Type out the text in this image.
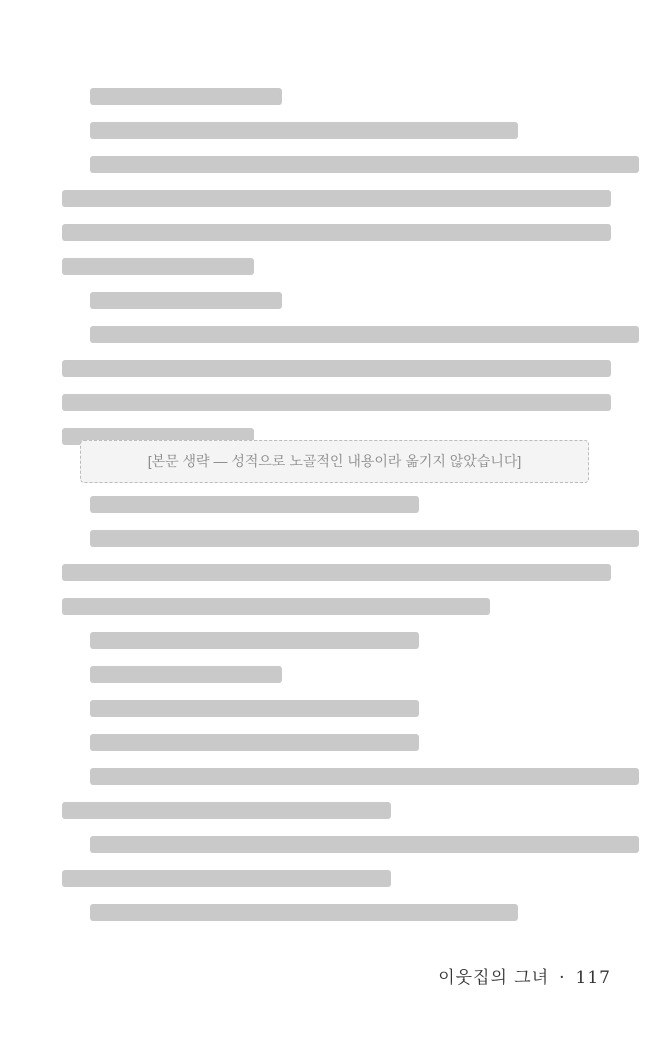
[본문 생략 — 성적으로 노골적인 내용이라 옮기지 않았습니다]
이웃집의 그녀 · 117
